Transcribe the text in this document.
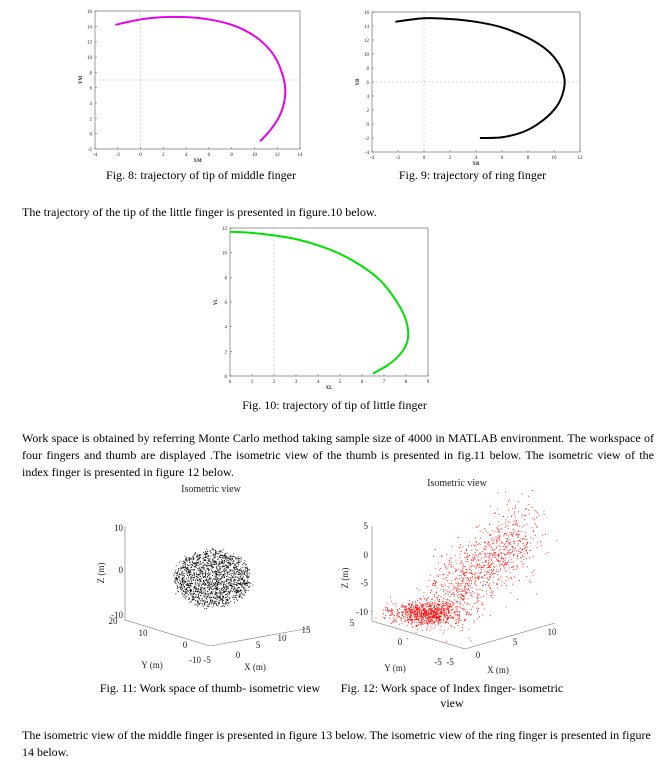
-4	-2	0	2	4	6	8	10	12	14
-2
0
2
4
6
8
10
12
14
16
XM
YM
Fig. 8: trajectory of tip of middle finger
-4	-2	0	2	4	6	8	10	12
-4
-2
0
2
4
6
8
10
12
14
16
XR
YR
Fig. 9: trajectory of ring finger
The trajectory of the tip of the little finger is presented in figure.10 below.
0	1	2	3	4	5	6	7	8	9
0
2
4
6
8
10
12
XL
YL
Fig. 10: trajectory of tip of little finger
Work space is obtained by referring Monte Carlo method taking sample size of 4000 in MATLAB environment. The workspace of four fingers and thumb are displayed .The isometric view of the thumb is presented in fig.11 below. The isometric view of the index finger is presented in figure 12 below.
Isometric view
10
0
-10
20
10
0
-10 -5	0
5
10
15
Z (m)
Y (m)	X (m)
Fig. 11: Work space of thumb- isometric view
Isometric view
5
0
-5
-10
5
0
-5 -5
0
5
10
Z (m)
Y (m)	X (m)
Fig. 12: Work space of Index finger- isometric view
The isometric view of the middle finger is presented in figure 13 below. The isometric view of the ring finger is presented in figure 14 below.
